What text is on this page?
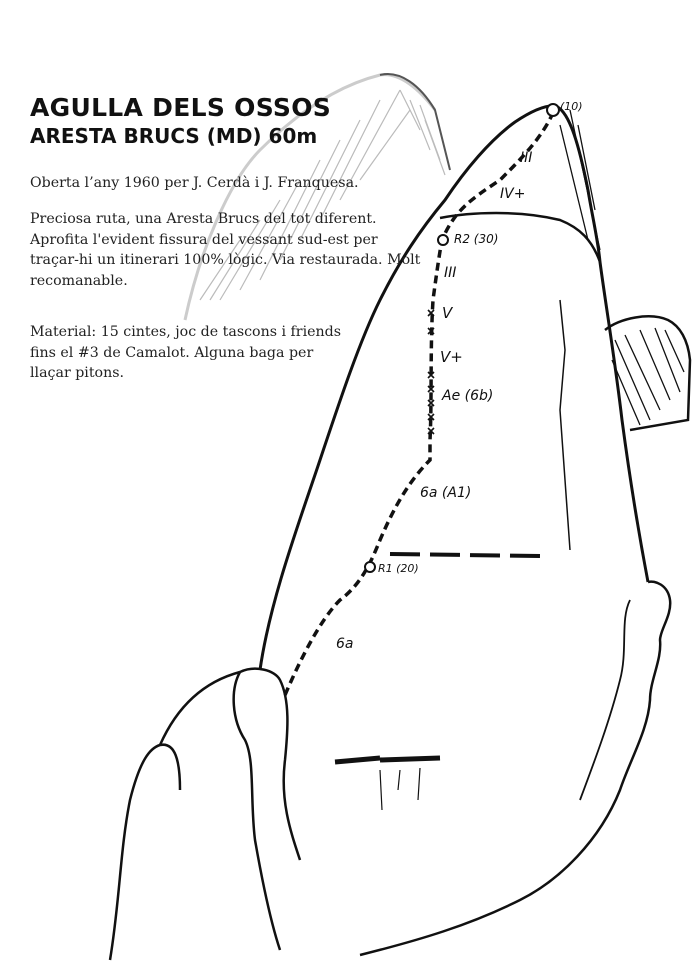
(10)
III
IV+
R2 (30)
III
V
V+
Ae (6b)
6a (A1)
R1 (20)
6a
AGULLA DELS OSSOS
ARESTA BRUCS (MD) 60m

Oberta l’any 1960 per J. Cerdà i J. Franquesa.

Preciosa ruta, una Aresta Brucs del tot diferent. Aprofita l'evident fissura del vessant sud-est per traçar-hi un itinerari 100% lògic. Via restaurada. Molt recomanable.

Material: 15 cintes, joc de tascons i friends fins el #3 de Camalot. Alguna baga per llaçar pitons.
